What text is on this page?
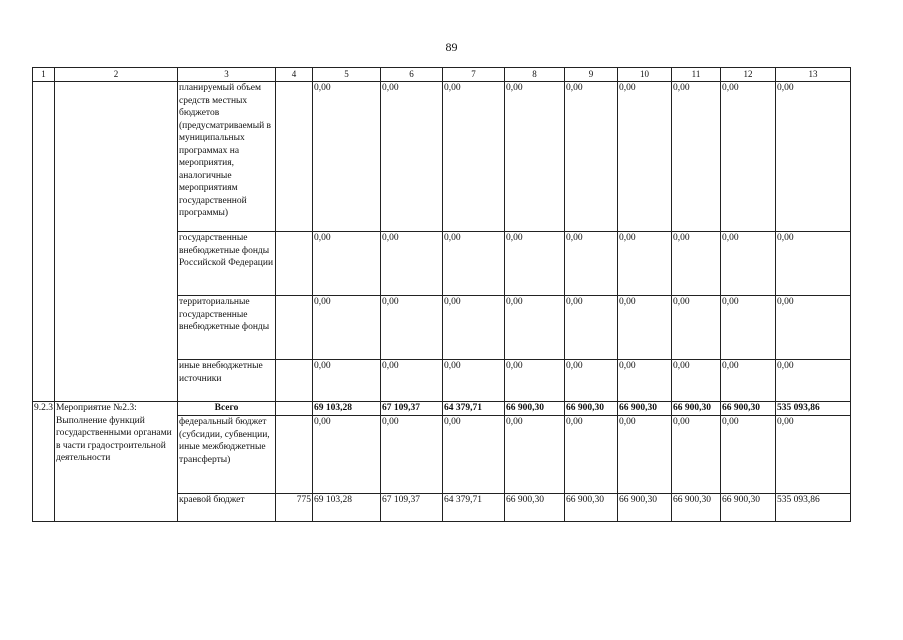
89
1	2	3	4	5	6	7	8	9	10	11	12	13
		планируемый объем средств местных бюджетов (предусматриваемый в муниципальных программах на мероприятия, аналогичные мероприятиям государственной программы)		0,00	0,00	0,00	0,00	0,00	0,00	0,00	0,00	0,00
		государственные внебюджетные фонды Российской Федерации		0,00	0,00	0,00	0,00	0,00	0,00	0,00	0,00	0,00
		территориальные государственные внебюджетные фонды		0,00	0,00	0,00	0,00	0,00	0,00	0,00	0,00	0,00
		иные внебюджетные источники		0,00	0,00	0,00	0,00	0,00	0,00	0,00	0,00	0,00
9.2.3	Мероприятие №2.3: Выполнение функций государственными органами в части градостроительной деятельности	Всего		69 103,28	67 109,37	64 379,71	66 900,30	66 900,30	66 900,30	66 900,30	66 900,30	535 093,86
		федеральный бюджет (субсидии, субвенции, иные межбюджетные трансферты)		0,00	0,00	0,00	0,00	0,00	0,00	0,00	0,00	0,00
		краевой бюджет	775	69 103,28	67 109,37	64 379,71	66 900,30	66 900,30	66 900,30	66 900,30	66 900,30	535 093,86
